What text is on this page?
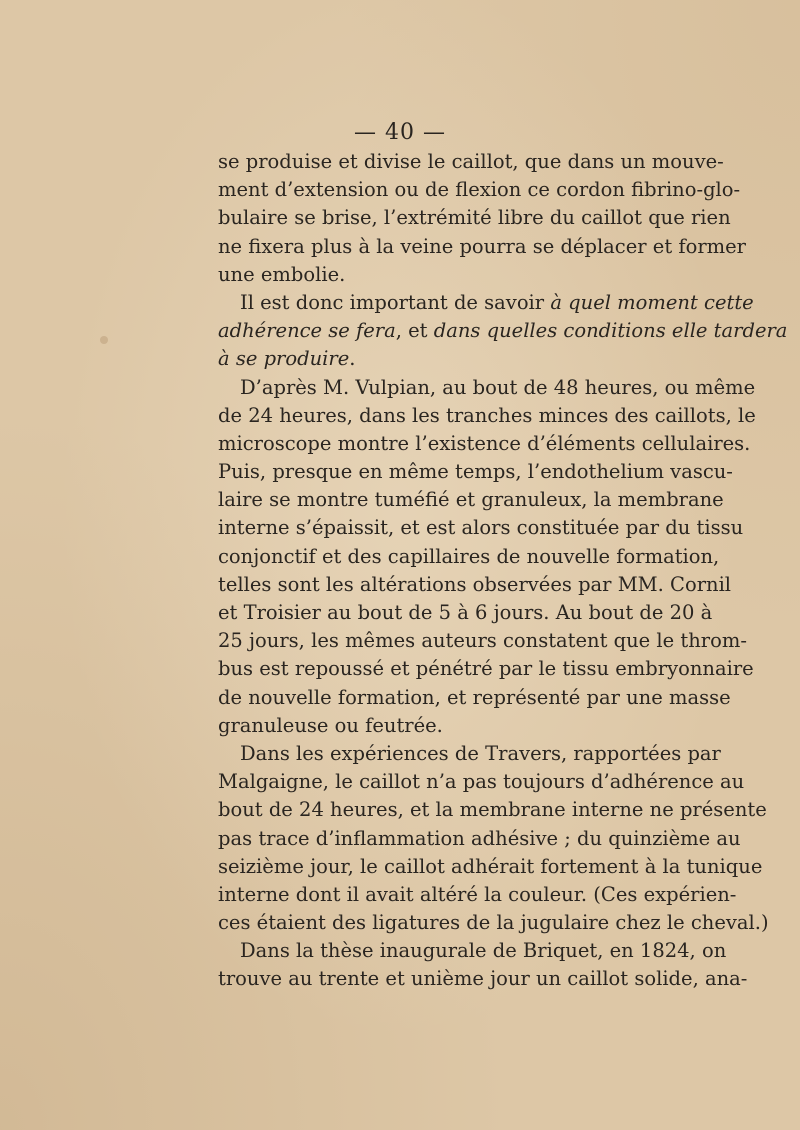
— 40 —
se produise et divise le caillot, que dans un mouve-
ment d’extension ou de flexion ce cordon fibrino-glo-
bulaire se brise, l’extrémité libre du caillot que rien
ne fixera plus à la veine pourra se déplacer et former
une embolie.
Il est donc important de savoir à quel moment cette
adhérence se fera, et dans quelles conditions elle tardera
à se produire.
D’après M. Vulpian, au bout de 48 heures, ou même
de 24 heures, dans les tranches minces des caillots, le
microscope montre l’existence d’éléments cellulaires.
Puis, presque en même temps, l’endothelium vascu-
laire se montre tuméfié et granuleux, la membrane
interne s’épaissit, et est alors constituée par du tissu
conjonctif et des capillaires de nouvelle formation,
telles sont les altérations observées par MM. Cornil
et Troisier au bout de 5 à 6 jours. Au bout de 20 à
25 jours, les mêmes auteurs constatent que le throm-
bus est repoussé et pénétré par le tissu embryonnaire
de nouvelle formation, et représenté par une masse
granuleuse ou feutrée.
Dans les expériences de Travers, rapportées par
Malgaigne, le caillot n’a pas toujours d’adhérence au
bout de 24 heures, et la membrane interne ne présente
pas trace d’inflammation adhésive ; du quinzième au
seizième jour, le caillot adhérait fortement à la tunique
interne dont il avait altéré la couleur. (Ces expérien-
ces étaient des ligatures de la jugulaire chez le cheval.)
Dans la thèse inaugurale de Briquet, en 1824, on
trouve au trente et unième jour un caillot solide, ana-
